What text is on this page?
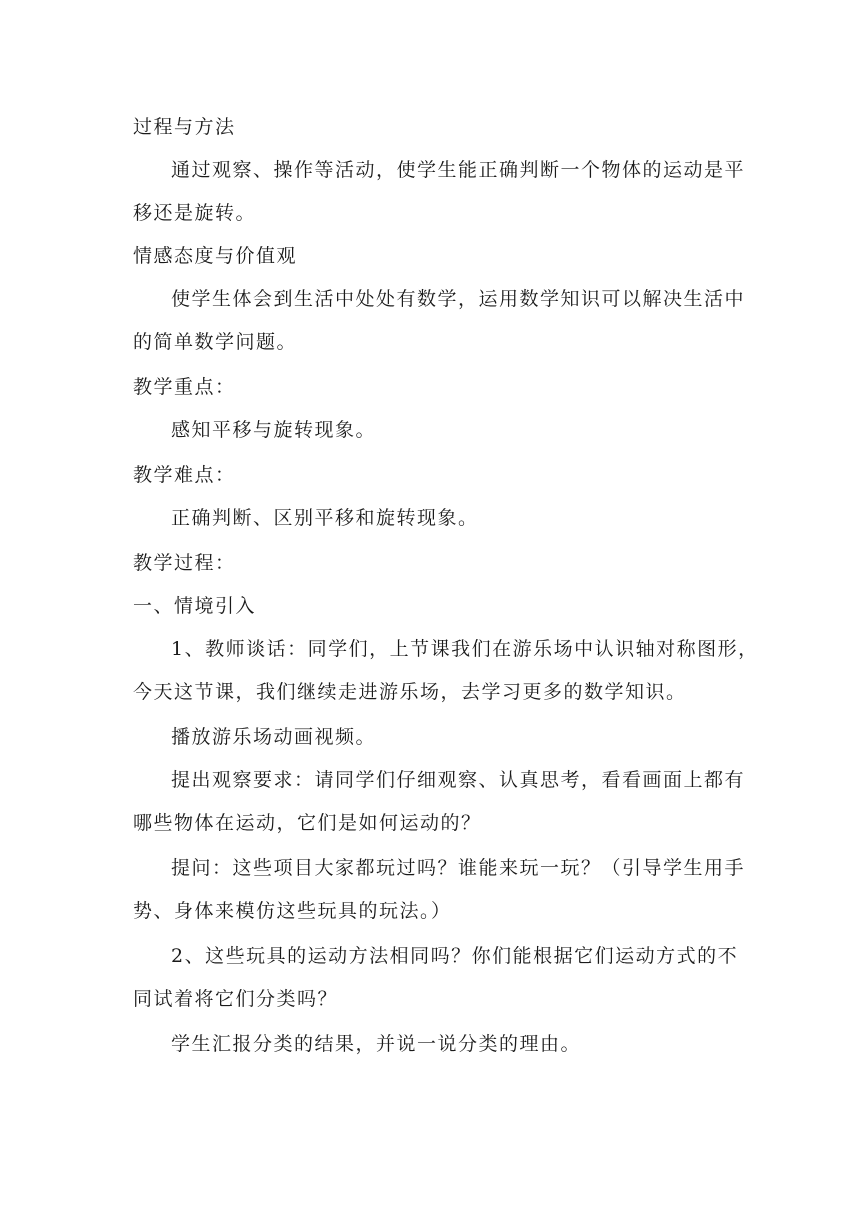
过程与方法
通过观察、操作等活动，使学生能正确判断一个物体的运动是平
移还是旋转。
情感态度与价值观
使学生体会到生活中处处有数学，运用数学知识可以解决生活中
的简单数学问题。
教学重点：
感知平移与旋转现象。
教学难点：
正确判断、区别平移和旋转现象。
教学过程：
一、情境引入
1、教师谈话：同学们，上节课我们在游乐场中认识轴对称图形，
今天这节课，我们继续走进游乐场，去学习更多的数学知识。
播放游乐场动画视频。
提出观察要求：请同学们仔细观察、认真思考，看看画面上都有
哪些物体在运动，它们是如何运动的？
提问：这些项目大家都玩过吗？谁能来玩一玩？（引导学生用手
势、身体来模仿这些玩具的玩法。）
2、这些玩具的运动方法相同吗？你们能根据它们运动方式的不
同试着将它们分类吗？
学生汇报分类的结果，并说一说分类的理由。
